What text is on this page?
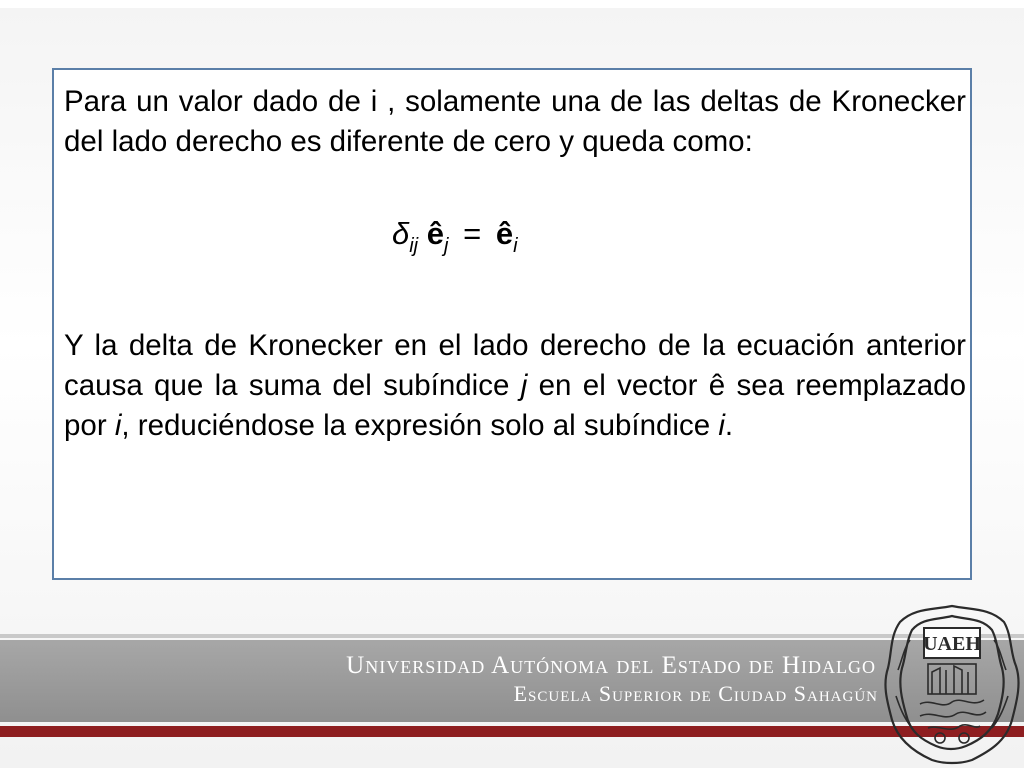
Para un valor dado de i , solamente una de las deltas de Kronecker del lado derecho es diferente de cero y queda como:
$\delta_{ij}$ $ê_j$ = $ê_i$
Y la delta de Kronecker en el lado derecho de la ecuación anterior causa que la suma del subíndice j en el vector ê sea reemplazado por i, reduciéndose la expresión solo al subíndice i.
Universidad Autónoma del Estado de Hidalgo
Escuela Superior de Ciudad Sahagún
UAEH
